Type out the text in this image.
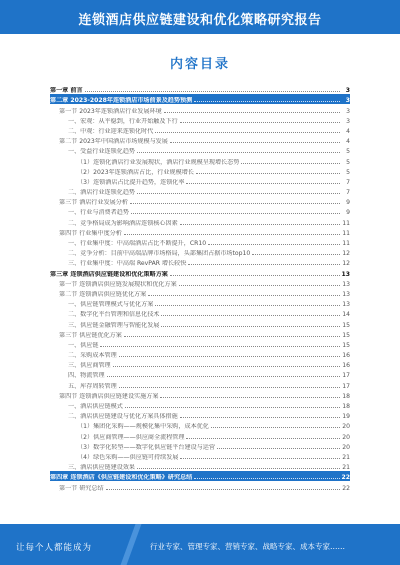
连锁酒店供应链建设和优化策略研究报告
内容目录
第一章 前言	3
第二章 2023-2028年连锁酒店市场前景及趋势预测	3
第一节 2023年连锁酒店行业发展环境	3
一、宏观：从平稳到，行业开始触及下行	3
二、中观：行业迎来连锁化时代	4
第二节 2023年中国酒店市场规模与发展	4
一、受益行业连锁化趋势	5
（1）连锁化酒店行业发展现状，酒店行业规模呈现增长态势	5
（2）2023年连锁酒店占比，行业规模增长	5
（3）连锁酒店占比提升趋势，连锁化率	7
二、酒店行业连锁化趋势	7
第三节 酒店行业发展分析	9
一、行业与消费者趋势	9
二、竞争格局成为影响酒店连锁核心因素	11
第四节 行业集中度分析	11
一、行业集中度：中高端酒店占比不断提升，CR10	11
二、竞争分析：目前中高端品牌市场格局，头部集团占据市场top10	12
三、行业集中度：中高端 RevPAR 增长较快	12
第三章 连锁酒店供应链建设和优化策略方案	13
第一节 连锁酒店供应链发展现状和优化方案	13
第二节 连锁酒店供应链优化方案	13
一、供应链管理模式与优化方案	13
二、数字化平台管理和信息化技术	14
三、供应链金融管理与智能化发展	15
第三节 供应链优化方案	15
一、供应链	15
二、采购成本管理	16
三、供应商管理	16
四、物流管理	17
五、库存周转管理	17
第四节 连锁酒店供应链建设实施方案	18
一、酒店供应链模式	18
二、酒店供应链建设与优化方案具体措施	19
（1）集团化采购——规模化集中采购，成本优化	20
（2）供应商管理——供应商全流程管理	20
（3）数字化转型——数字化供应链平台建设与运营	20
（4）绿色采购——供应链可持续发展	21
三、酒店供应链建设效果	21
第四章 连锁酒店《供应链建设和优化策略》研究总结	22
第一节 研究总结	22
让每个人都能成为	行业专家、管理专家、营销专家、战略专家、成本专家……
